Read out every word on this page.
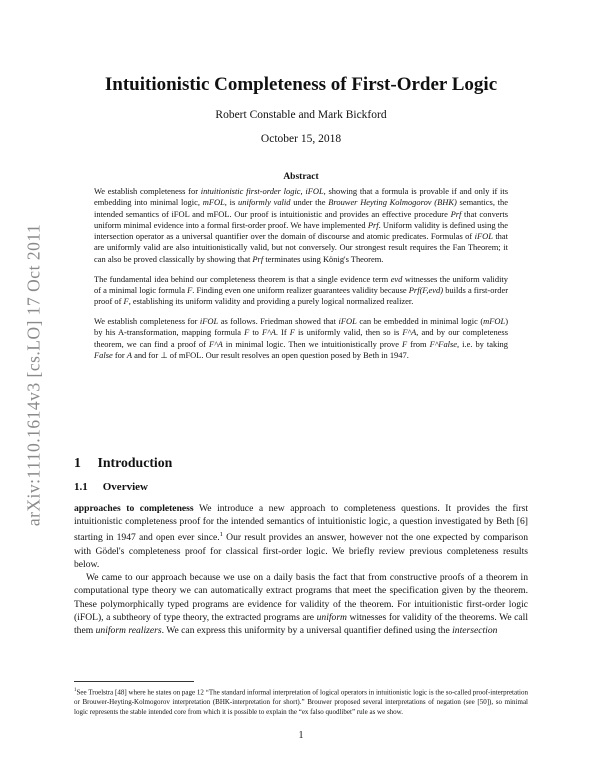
arXiv:1110.1614v3 [cs.LO] 17 Oct 2011
Intuitionistic Completeness of First-Order Logic
Robert Constable and Mark Bickford
October 15, 2018
Abstract

We establish completeness for intuitionistic first-order logic, iFOL, showing that a formula is provable if and only if its embedding into minimal logic, mFOL, is uniformly valid under the Brouwer Heyting Kolmogorov (BHK) semantics, the intended semantics of iFOL and mFOL. Our proof is intuitionistic and provides an effective procedure Prf that converts uniform minimal evidence into a formal first-order proof. We have implemented Prf. Uniform validity is defined using the intersection operator as a universal quantifier over the domain of discourse and atomic predicates. Formulas of iFOL that are uniformly valid are also intuitionistically valid, but not conversely. Our strongest result requires the Fan Theorem; it can also be proved classically by showing that Prf terminates using König's Theorem.

The fundamental idea behind our completeness theorem is that a single evidence term evd witnesses the uniform validity of a minimal logic formula F. Finding even one uniform realizer guarantees validity because Prf(F,evd) builds a first-order proof of F, establishing its uniform validity and providing a purely logical normalized realizer.

We establish completeness for iFOL as follows. Friedman showed that iFOL can be embedded in minimal logic (mFOL) by his A-transformation, mapping formula F to F^A. If F is uniformly valid, then so is F^A, and by our completeness theorem, we can find a proof of F^A in minimal logic. Then we intuitionistically prove F from F^False, i.e. by taking False for A and for ⊥ of mFOL. Our result resolves an open question posed by Beth in 1947.

1 Introduction
1.1 Overview

approaches to completeness We introduce a new approach to completeness questions. It provides the first intuitionistic completeness proof for the intended semantics of intuitionistic logic, a question investigated by Beth [6] starting in 1947 and open ever since.$^1$ Our result provides an answer, however not the one expected by comparison with Gödel's completeness proof for classical first-order logic. We briefly review previous completeness results below.

We came to our approach because we use on a daily basis the fact that from constructive proofs of a theorem in computational type theory we can automatically extract programs that meet the specification given by the theorem. These polymorphically typed programs are evidence for validity of the theorem. For intuitionistic first-order logic (iFOL), a subtheory of type theory, the extracted programs are uniform witnesses for validity of the theorems. We call them uniform realizers. We can express this uniformity by a universal quantifier defined using the intersection

$^1$See Troelstra [48] where he states on page 12 “The standard informal interpretation of logical operators in intuitionistic logic is the so-called proof-interpretation or Brouwer-Heyting-Kolmogorov interpretation (BHK-interpretation for short).” Brouwer proposed several interpretations of negation (see [50]), so minimal logic represents the stable intended core from which it is possible to explain the “ex falso quodlibet” rule as we show.
1
